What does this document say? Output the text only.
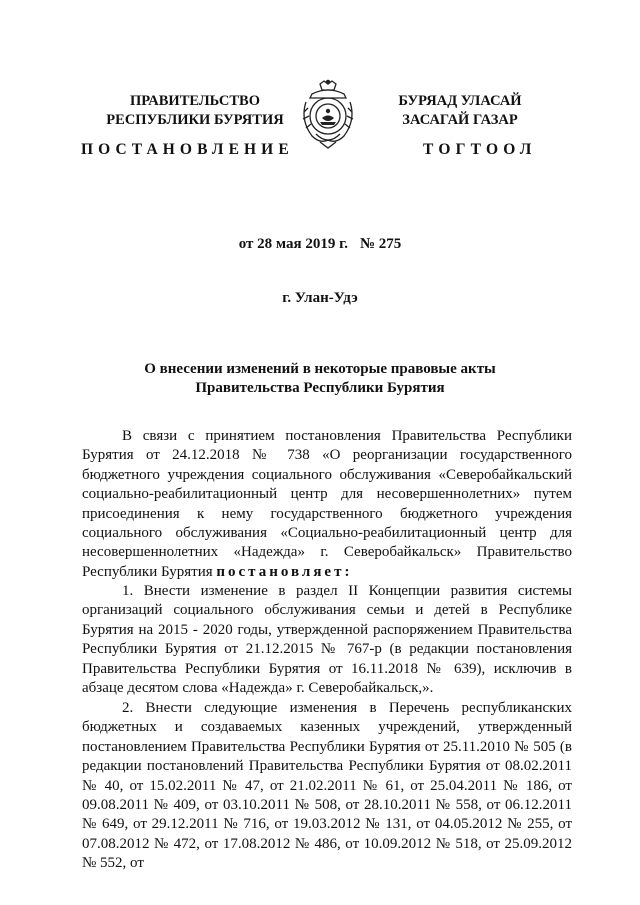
ПРАВИТЕЛЬСТВО
РЕСПУБЛИКИ БУРЯТИЯ
БУРЯАД УЛАСАЙ
ЗАСАГАЙ ГАЗАР
ПОСТАНОВЛЕНИЕ	ТОГТООЛ
от 28 мая 2019 г. № 275
г. Улан-Удэ
О внесении изменений в некоторые правовые акты
Правительства Республики Бурятия

В связи с принятием постановления Правительства Республики Бурятия от 24.12.2018 № 738 «О реорганизации государственного бюджетного учреждения социального обслуживания «Северобайкальский социально-реабилитационный центр для несовершеннолетних» путем присоединения к нему государственного бюджетного учреждения социального обслуживания «Социально-реабилитационный центр для несовершеннолетних «Надежда» г. Северобайкальск» Правительство Республики Бурятия постановляет:

1. Внести изменение в раздел II Концепции развития системы организаций социального обслуживания семьи и детей в Республике Бурятия на 2015 - 2020 годы, утвержденной распоряжением Правительства Республики Бурятия от 21.12.2015 № 767-р (в редакции постановления Правительства Республики Бурятия от 16.11.2018 № 639), исключив в абзаце десятом слова «Надежда» г. Северобайкальск,».

2. Внести следующие изменения в Перечень республиканских бюджетных и создаваемых казенных учреждений, утвержденный постановлением Правительства Республики Бурятия от 25.11.2010 № 505 (в редакции постановлений Правительства Республики Бурятия от 08.02.2011 № 40, от 15.02.2011 № 47, от 21.02.2011 № 61, от 25.04.2011 № 186, от 09.08.2011 № 409, от 03.10.2011 № 508, от 28.10.2011 № 558, от 06.12.2011 № 649, от 29.12.2011 № 716, от 19.03.2012 № 131, от 04.05.2012 № 255, от 07.08.2012 № 472, от 17.08.2012 № 486, от 10.09.2012 № 518, от 25.09.2012 № 552, от
